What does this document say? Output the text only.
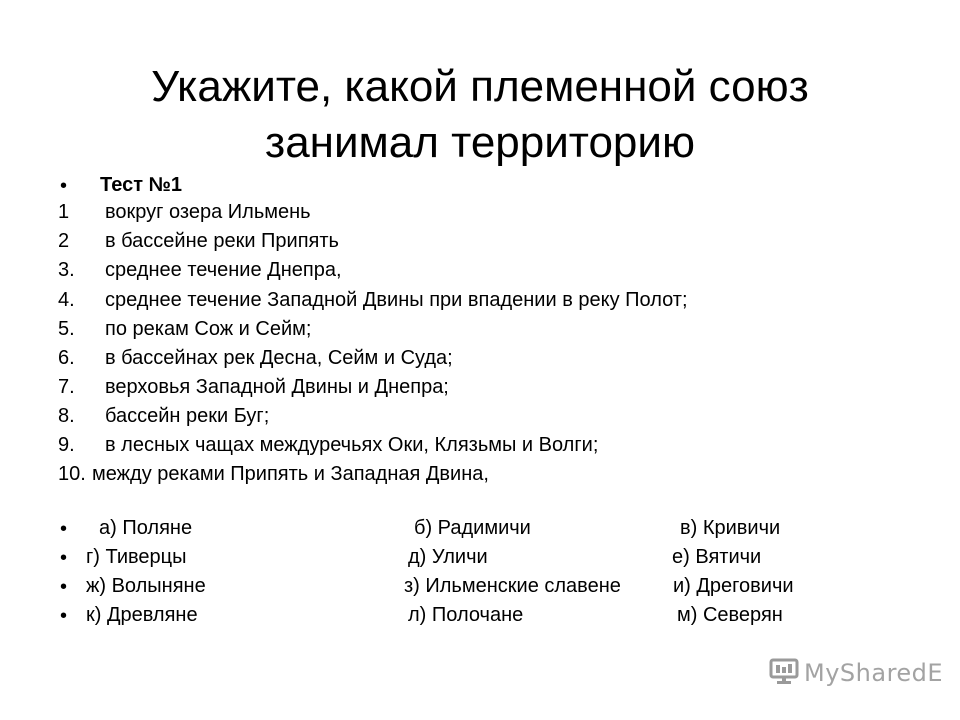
Укажите, какой племенной союз
занимал территорию
• Тест №1
1 вокруг озера Ильмень
2 в бассейне реки Припять
3. среднее течение Днепра,
4. среднее течение Западной Двины при впадении в реку Полот;
5. по рекам Сож и Сейм;
6. в бассейнах рек Десна, Сейм и Суда;
7. верховья Западной Двины и Днепра;
8. бассейн реки Буг;
9. в лесных чащах междуречьях Оки, Клязьмы и Волги;
10. между реками Припять и Западная Двина,
• а) Поляне	б) Радимичи	в) Кривичи
• г) Тиверцы	д) Уличи	е) Вятичи
• ж) Волыняне	з) Ильменские славене	и) Дреговичи
• к) Древляне	л) Полочане	м) Северян
MySharedЕ
